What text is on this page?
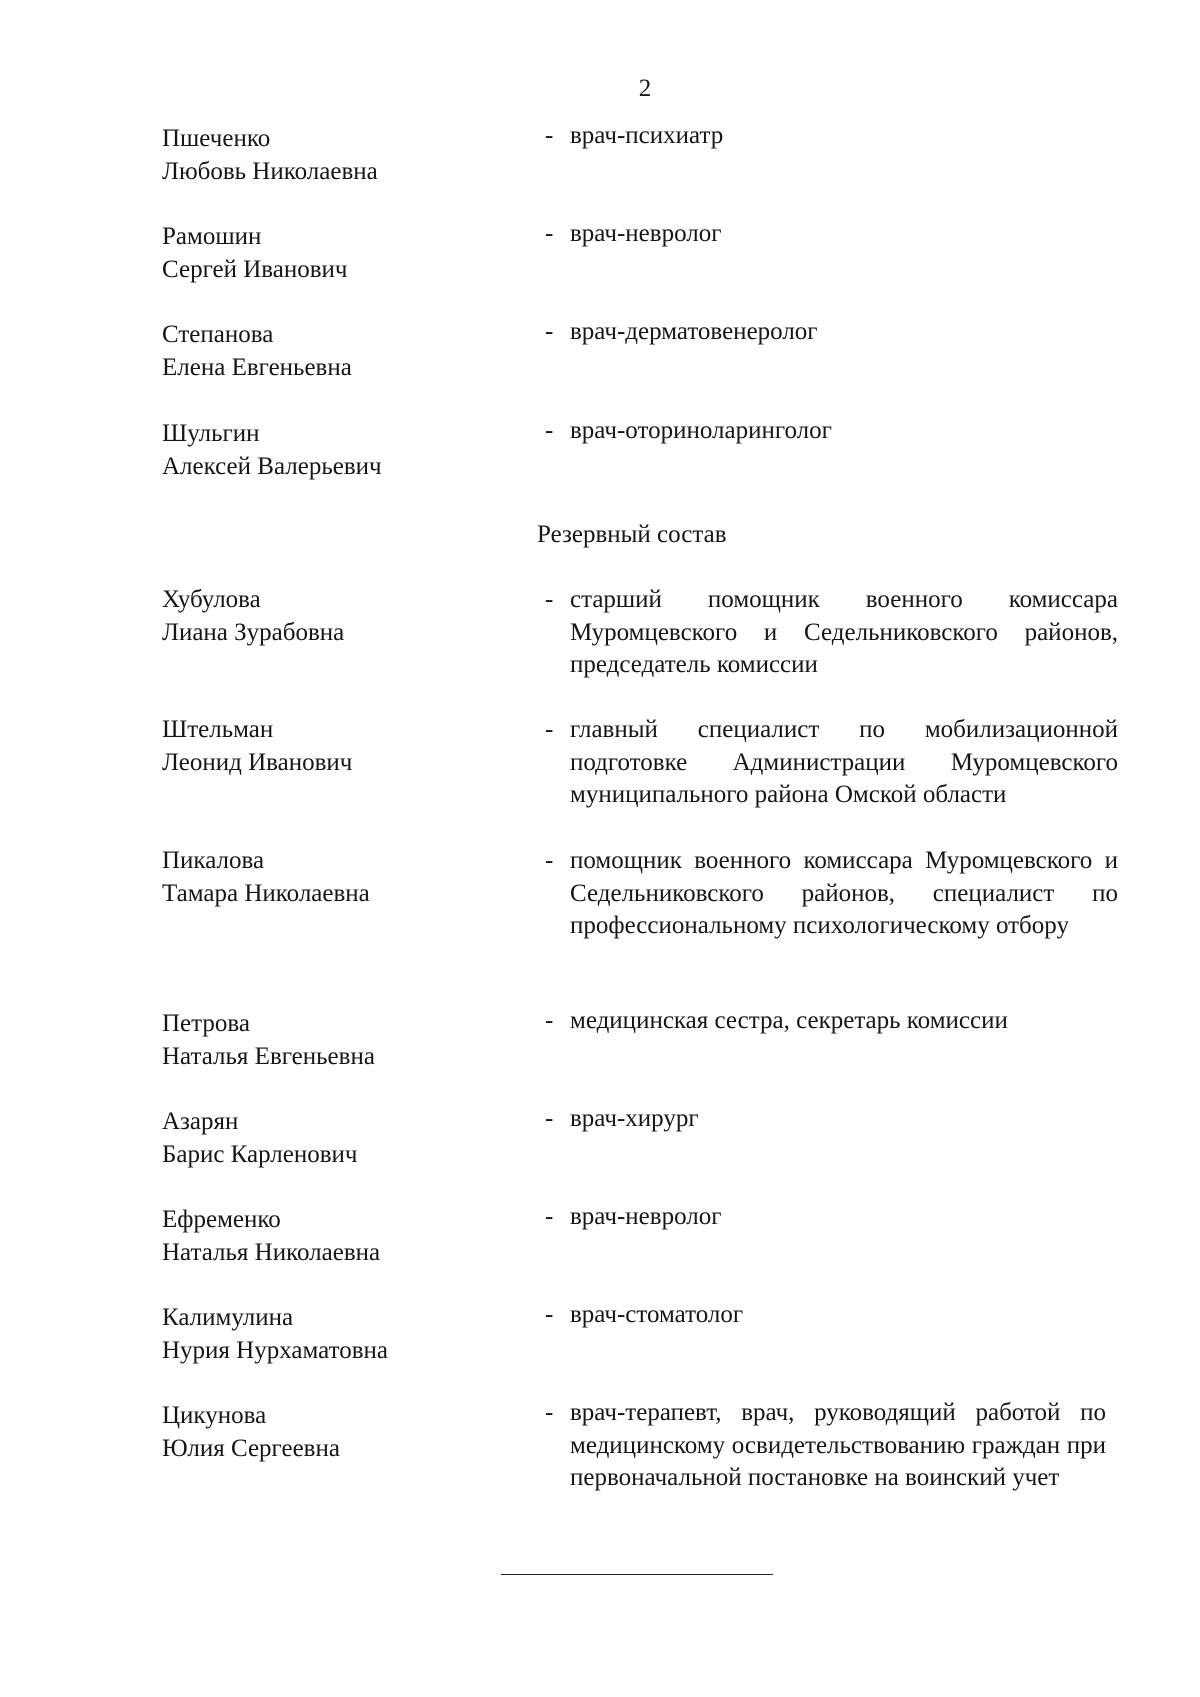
2
Пшеченко
Любовь Николаевна
- врач-психиатр
Рамошин
Сергей Иванович
- врач-невролог
Степанова
Елена Евгеньевна
- врач-дерматовенеролог
Шульгин
Алексей Валерьевич
- врач-оториноларинголог
Резервный состав
Хубулова
Лиана Зурабовна
- старший помощник военного комиссара Муромцевского и Седельниковского районов, председатель комиссии
Штельман
Леонид Иванович
- главный специалист по мобилизационной подготовке Администрации Муромцевского муниципального района Омской области
Пикалова
Тамара Николаевна
- помощник военного комиссара Муромцевского и Седельниковского районов, специалист по профессиональному психологическому отбору
Петрова
Наталья Евгеньевна
- медицинская сестра, секретарь комиссии
Азарян
Барис Карленович
- врач-хирург
Ефременко
Наталья Николаевна
- врач-невролог
Калимулина
Нурия Нурхаматовна
- врач-стоматолог
Цикунова
Юлия Сергеевна
- врач-терапевт, врач, руководящий работой по медицинскому освидетельствованию граждан при первоначальной постановке на воинский учет
